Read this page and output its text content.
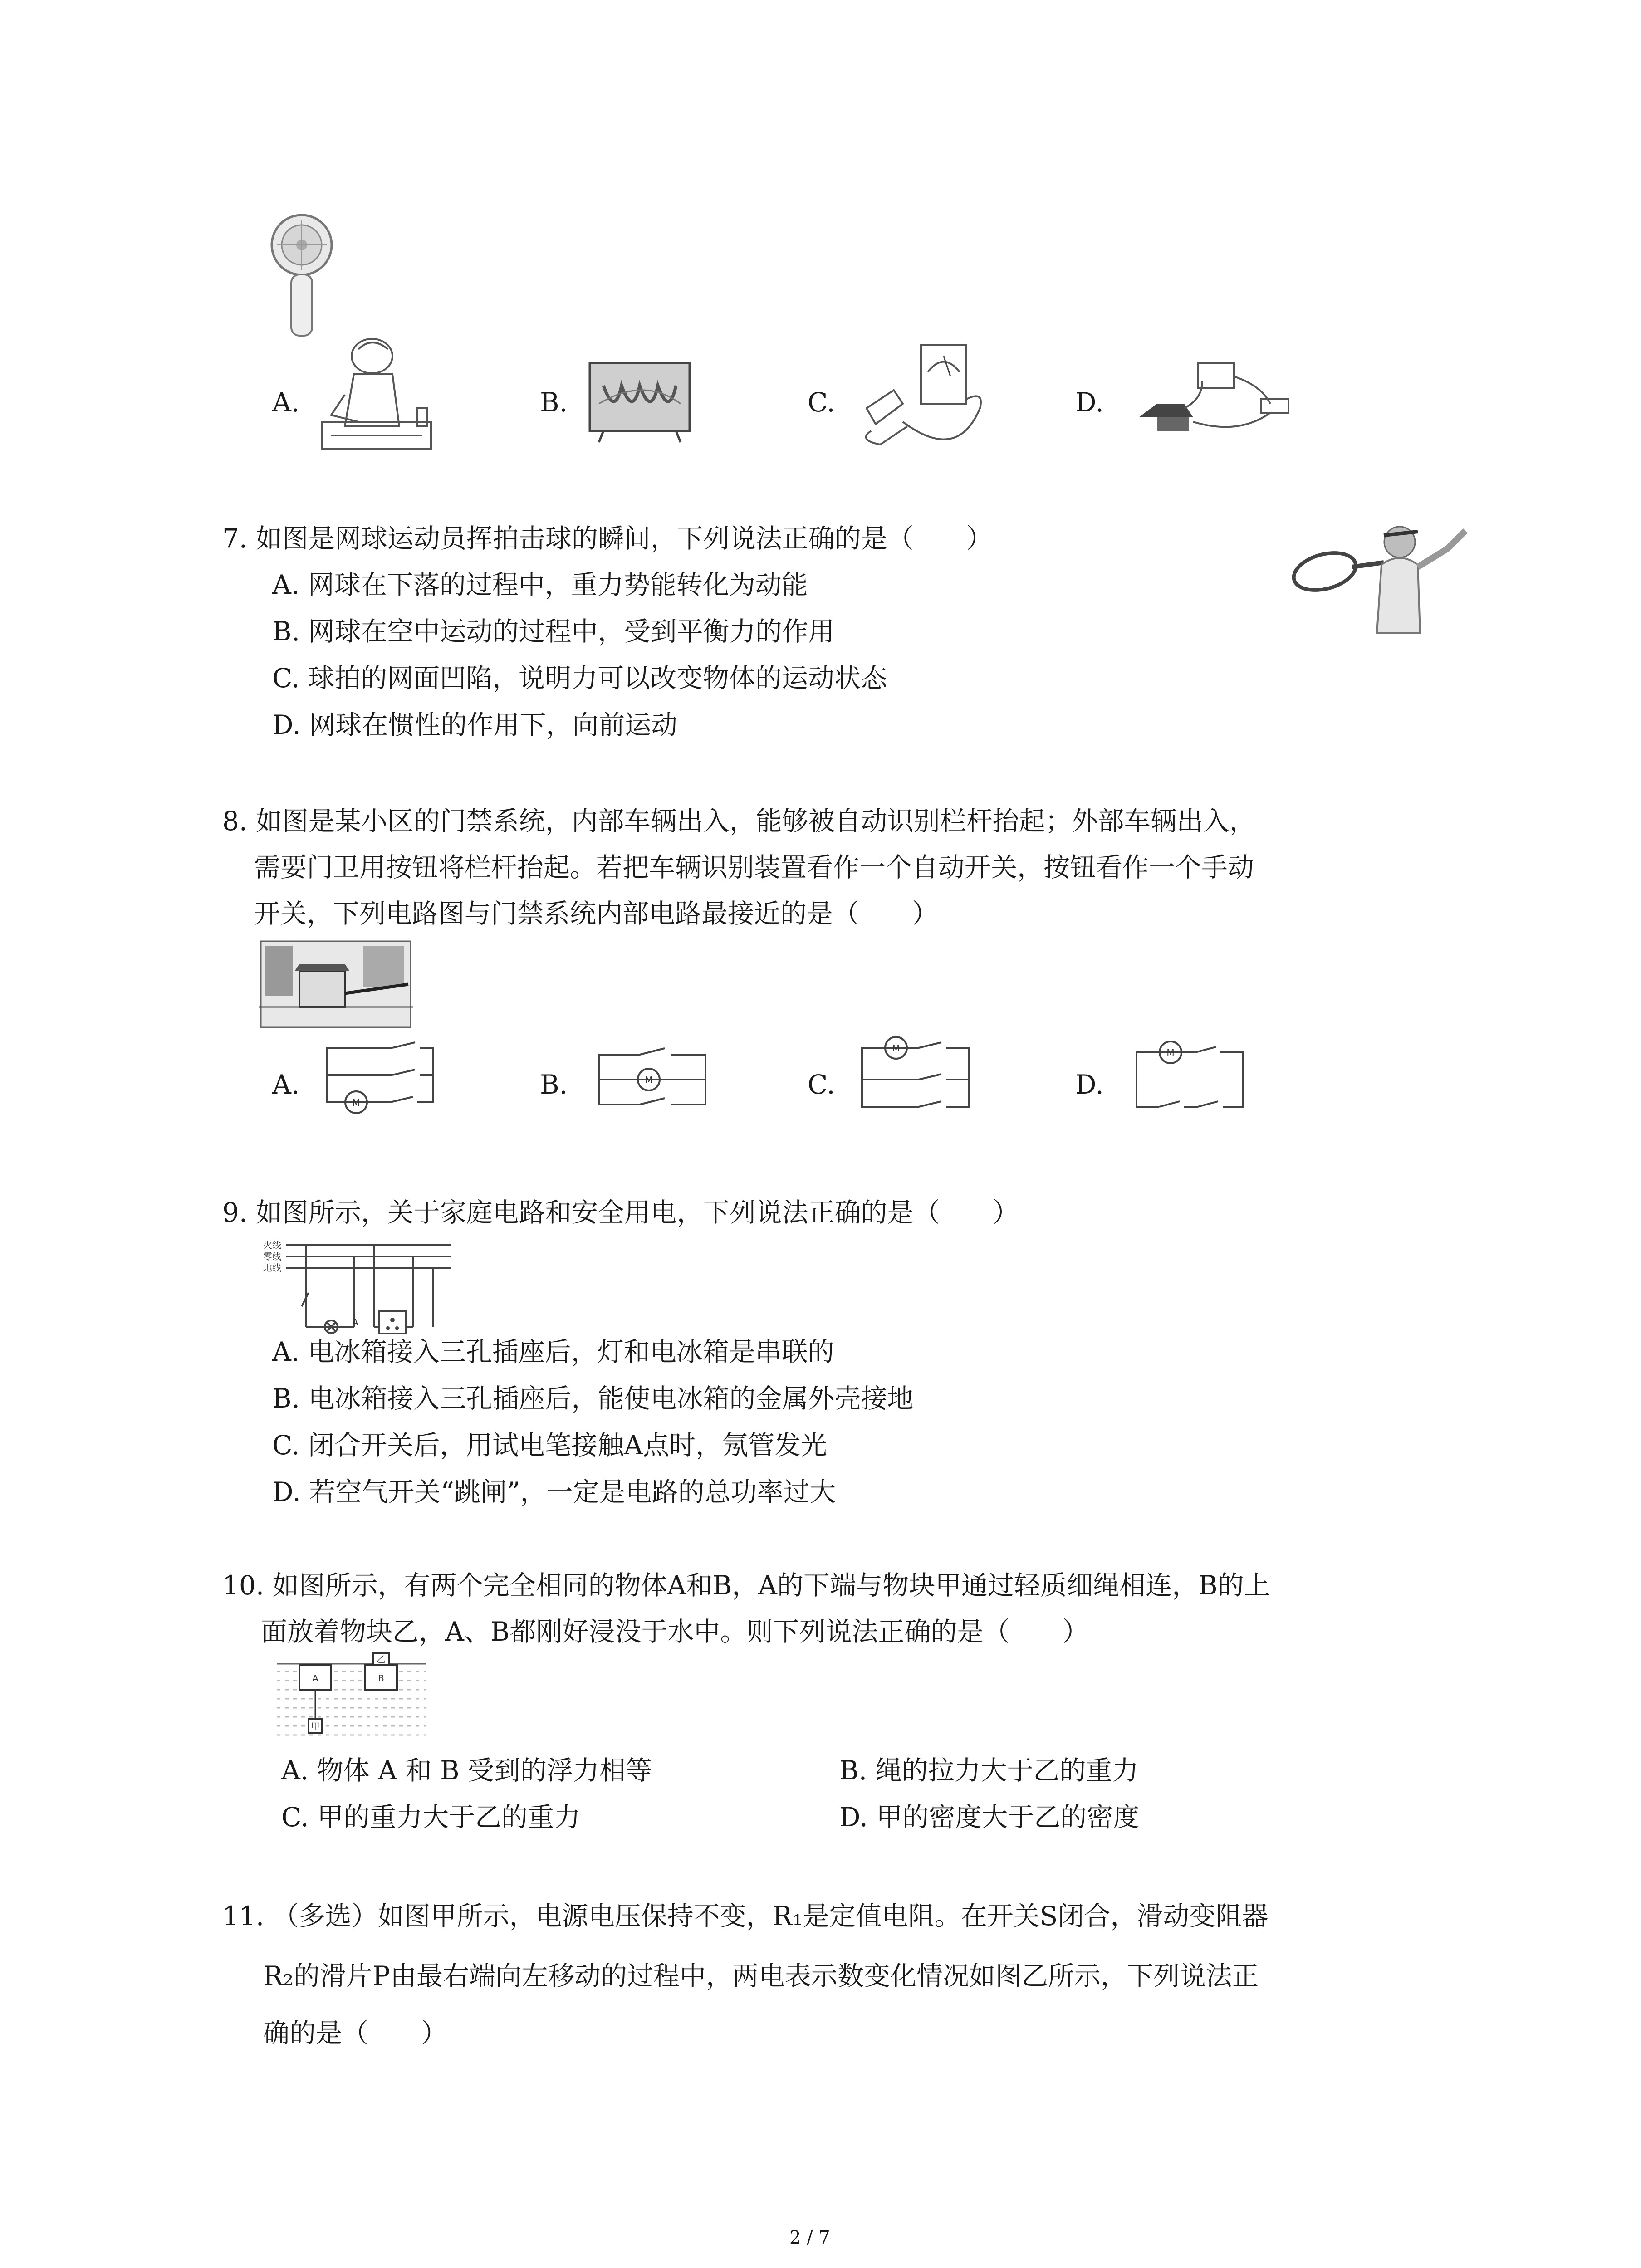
A.	B.	C.	D.
7. 如图是网球运动员挥拍击球的瞬间，下列说法正确的是（　　）
A. 网球在下落的过程中，重力势能转化为动能
B. 网球在空中运动的过程中，受到平衡力的作用
C. 球拍的网面凹陷，说明力可以改变物体的运动状态
D. 网球在惯性的作用下，向前运动
8. 如图是某小区的门禁系统，内部车辆出入，能够被自动识别栏杆抬起；外部车辆出入，
需要门卫用按钮将栏杆抬起。若把车辆识别装置看作一个自动开关，按钮看作一个手动
开关，下列电路图与门禁系统内部电路最接近的是（　　）
A.
M
B.	M	C.
M
D.
M
9. 如图所示，关于家庭电路和安全用电，下列说法正确的是（　　）
火线
零线
地线
A
A. 电冰箱接入三孔插座后，灯和电冰箱是串联的
B. 电冰箱接入三孔插座后，能使电冰箱的金属外壳接地
C. 闭合开关后，用试电笔接触A点时，氖管发光
D. 若空气开关“跳闸”，一定是电路的总功率过大
10. 如图所示，有两个完全相同的物体A和B，A的下端与物块甲通过轻质细绳相连，B的上
面放着物块乙，A、B都刚好浸没于水中。则下列说法正确的是（　　）
A
甲
B
乙
A. 物体 A 和 B 受到的浮力相等	B. 绳的拉力大于乙的重力
C. 甲的重力大于乙的重力	D. 甲的密度大于乙的密度
11. （多选）如图甲所示，电源电压保持不变，R₁是定值电阻。在开关S闭合，滑动变阻器
R₂的滑片P由最右端向左移动的过程中，两电表示数变化情况如图乙所示，下列说法正
确的是（　　）
2 / 7
